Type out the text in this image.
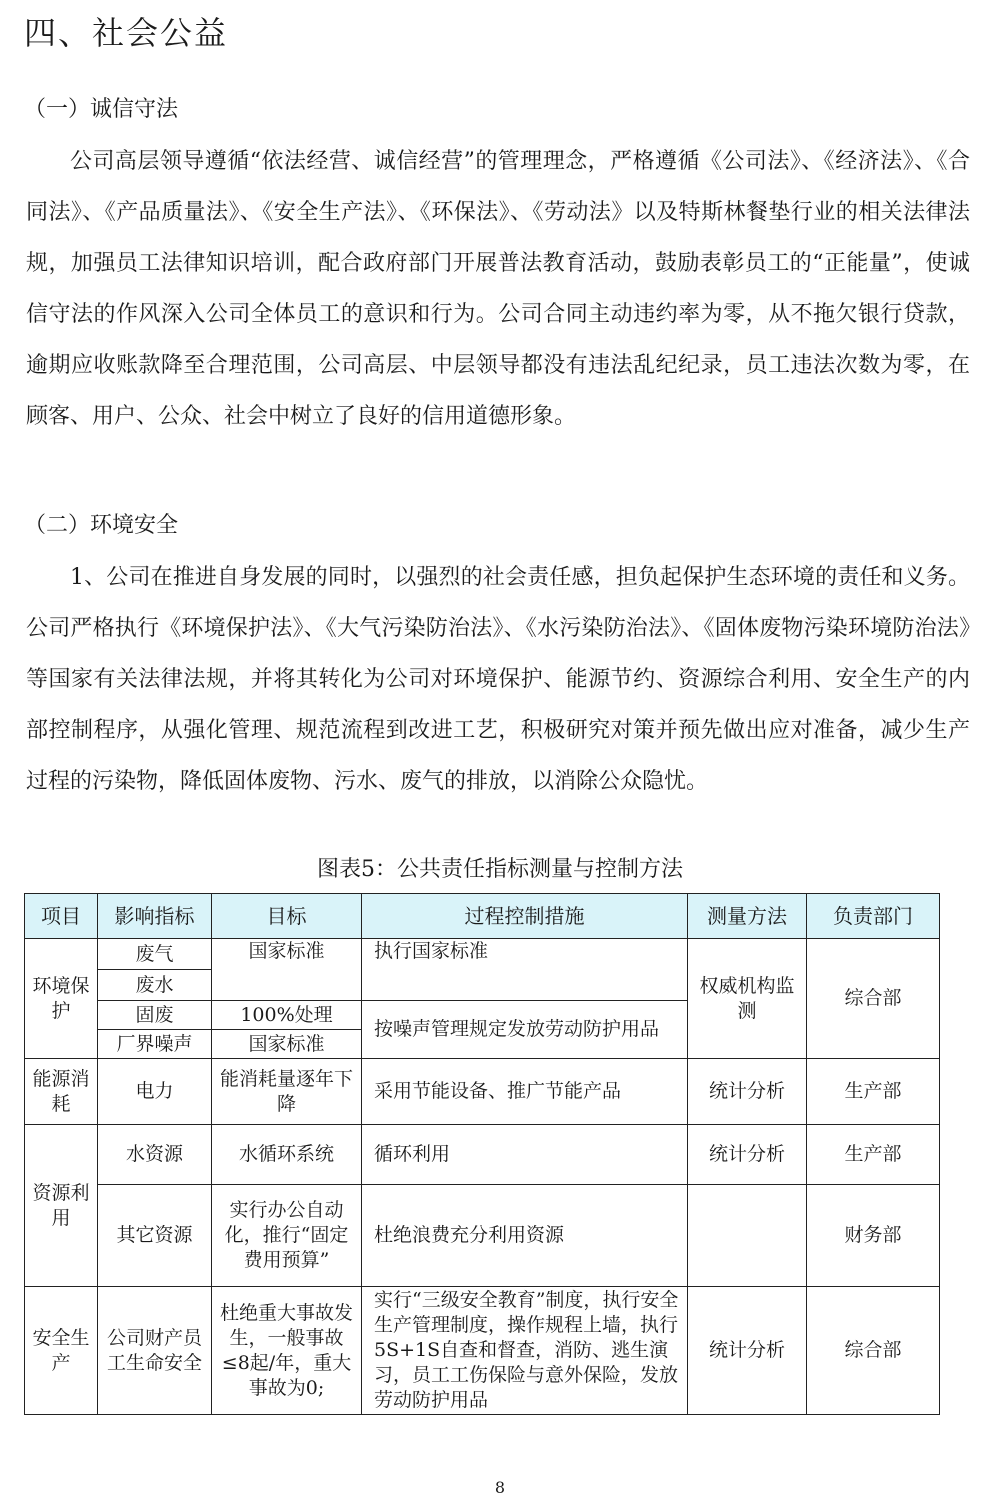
四、社会公益
（一）诚信守法

公司高层领导遵循“依法经营、诚信经营”的管理理念，严格遵循《公司法》、《经济法》、《合同法》、《产品质量法》、《安全生产法》、《环保法》、《劳动法》以及特斯林餐垫行业的相关法律法规，加强员工法律知识培训，配合政府部门开展普法教育活动，鼓励表彰员工的“正能量”，使诚信守法的作风深入公司全体员工的意识和行为。公司合同主动违约率为零，从不拖欠银行贷款，逾期应收账款降至合理范围，公司高层、中层领导都没有违法乱纪纪录，员工违法次数为零，在顾客、用户、公众、社会中树立了良好的信用道德形象。

（二）环境安全

1、公司在推进自身发展的同时，以强烈的社会责任感，担负起保护生态环境的责任和义务。公司严格执行《环境保护法》、《大气污染防治法》、《水污染防治法》、《固体废物污染环境防治法》等国家有关法律法规，并将其转化为公司对环境保护、能源节约、资源综合利用、安全生产的内部控制程序，从强化管理、规范流程到改进工艺，积极研究对策并预先做出应对准备，减少生产过程的污染物，降低固体废物、污水、废气的排放，以消除公众隐忧。

图表5：公共责任指标测量与控制方法
项目	影响指标	目标	过程控制措施	测量方法	负责部门
环境保护	废气	国家标准	执行国家标准	权威机构监测	综合部
	废水				
	固废	100%处理	按噪声管理规定发放劳动防护用品		
	厂界噪声	国家标准			
能源消耗	电力	能消耗量逐年下降	采用节能设备、推广节能产品	统计分析	生产部
资源利用	水资源	水循环系统	循环利用	统计分析	生产部
	其它资源	实行办公自动化，推行“固定费用预算”	杜绝浪费充分利用资源		财务部
安全生产	公司财产员工生命安全	杜绝重大事故发生，一般事故≤8起/年，重大事故为0;	实行“三级安全教育”制度，执行安全生产管理制度，操作规程上墙，执行5S+1S自查和督查，消防、逃生演习，员工工伤保险与意外保险，发放劳动防护用品	统计分析	综合部
8
